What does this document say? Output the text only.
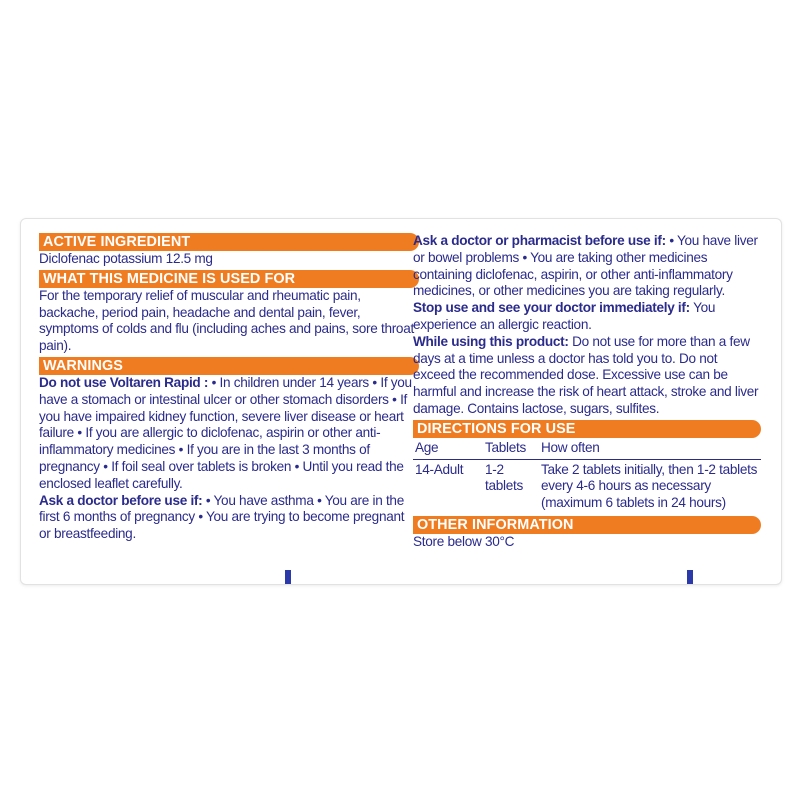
ACTIVE INGREDIENT

Diclofenac potassium 12.5 mg

WHAT THIS MEDICINE IS USED FOR

For the temporary relief of muscular and rheumatic pain, backache, period pain, headache and dental pain, fever, symptoms of colds and flu (including aches and pains, sore throat pain).

WARNINGS

Do not use Voltaren Rapid : • In children under 14 years • If you have a stomach or intestinal ulcer or other stomach disorders • If you have impaired kidney function, severe liver disease or heart failure • If you are allergic to diclofenac, aspirin or other anti-inflammatory medicines • If you are in the last 3 months of pregnancy • If foil seal over tablets is broken • Until you read the enclosed leaflet carefully.

Ask a doctor before use if: • You have asthma • You are in the first 6 months of pregnancy • You are trying to become pregnant or breastfeeding.

Ask a doctor or pharmacist before use if: • You have liver or bowel problems • You are taking other medicines containing diclofenac, aspirin, or other anti-inflammatory medicines, or other medicines you are taking regularly.

Stop use and see your doctor immediately if: You experience an allergic reaction.

While using this product: Do not use for more than a few days at a time unless a doctor has told you to. Do not exceed the recommended dose. Excessive use can be harmful and increase the risk of heart attack, stroke and liver damage. Contains lactose, sugars, sulfites.

DIRECTIONS FOR USE
Age	Tablets	How often
14-Adult	1-2 tablets	Take 2 tablets initially, then 1-2 tablets every 4-6 hours as necessary (maximum 6 tablets in 24 hours)
OTHER INFORMATION

Store below 30°C
